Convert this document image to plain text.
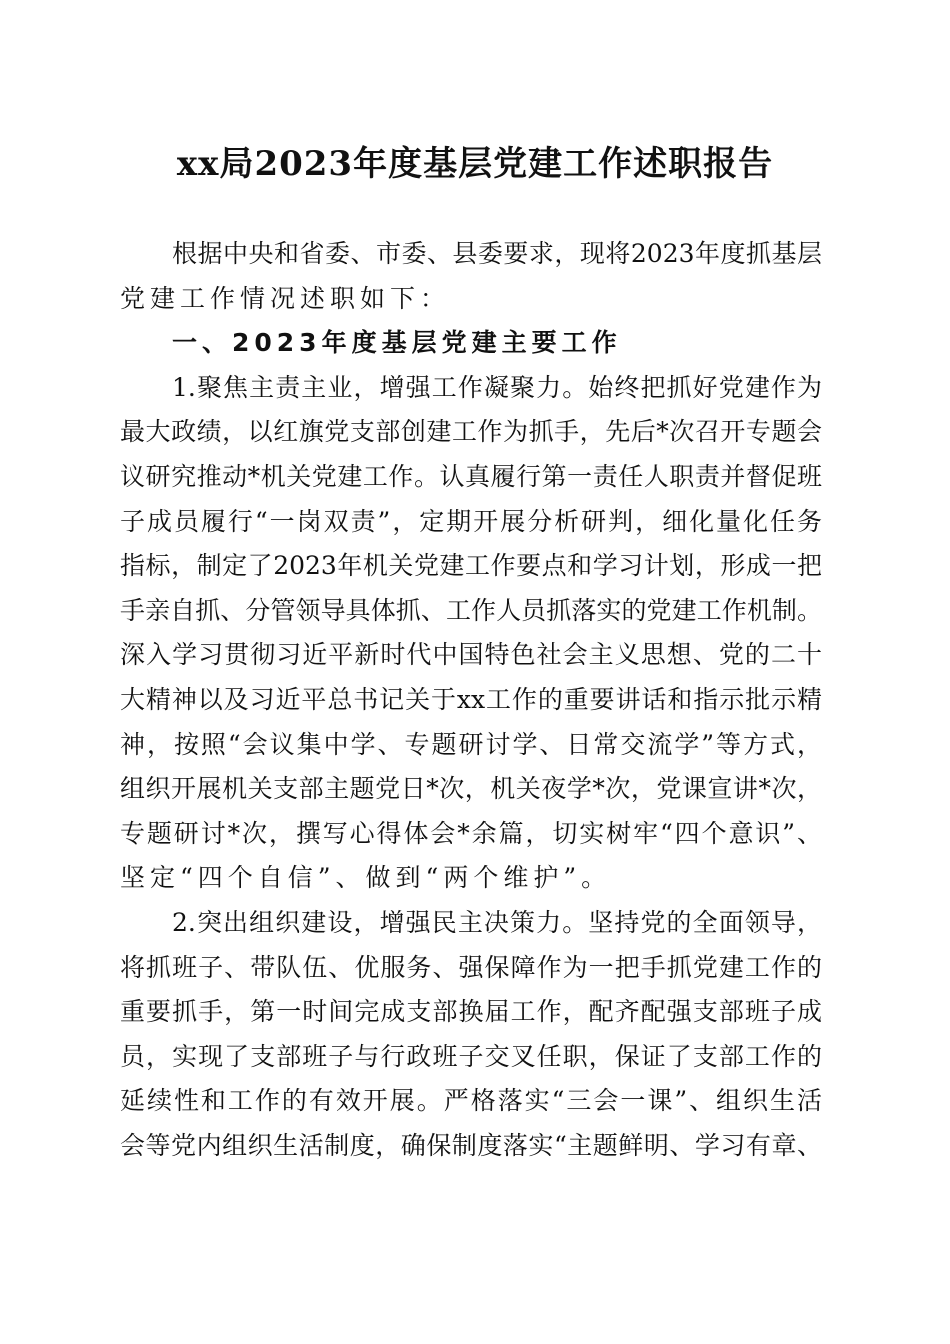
xx局2023年度基层党建工作述职报告
根据中央和省委、市委、县委要求，现将2023年度抓基层
党建工作情况述职如下：
一、2023年度基层党建主要工作
1.聚焦主责主业，增强工作凝聚力。始终把抓好党建作为
最大政绩，以红旗党支部创建工作为抓手，先后*次召开专题会
议研究推动*机关党建工作。认真履行第一责任人职责并督促班
子成员履行“一岗双责”，定期开展分析研判，细化量化任务
指标，制定了2023年机关党建工作要点和学习计划，形成一把
手亲自抓、分管领导具体抓、工作人员抓落实的党建工作机制。
深入学习贯彻习近平新时代中国特色社会主义思想、党的二十
大精神以及习近平总书记关于xx工作的重要讲话和指示批示精
神，按照“会议集中学、专题研讨学、日常交流学”等方式，
组织开展机关支部主题党日*次，机关夜学*次，党课宣讲*次，
专题研讨*次，撰写心得体会*余篇，切实树牢“四个意识”、
坚定“四个自信”、做到“两个维护”。
2.突出组织建设，增强民主决策力。坚持党的全面领导，
将抓班子、带队伍、优服务、强保障作为一把手抓党建工作的
重要抓手，第一时间完成支部换届工作，配齐配强支部班子成
员，实现了支部班子与行政班子交叉任职，保证了支部工作的
延续性和工作的有效开展。严格落实“三会一课”、组织生活
会等党内组织生活制度，确保制度落实“主题鲜明、学习有章、
